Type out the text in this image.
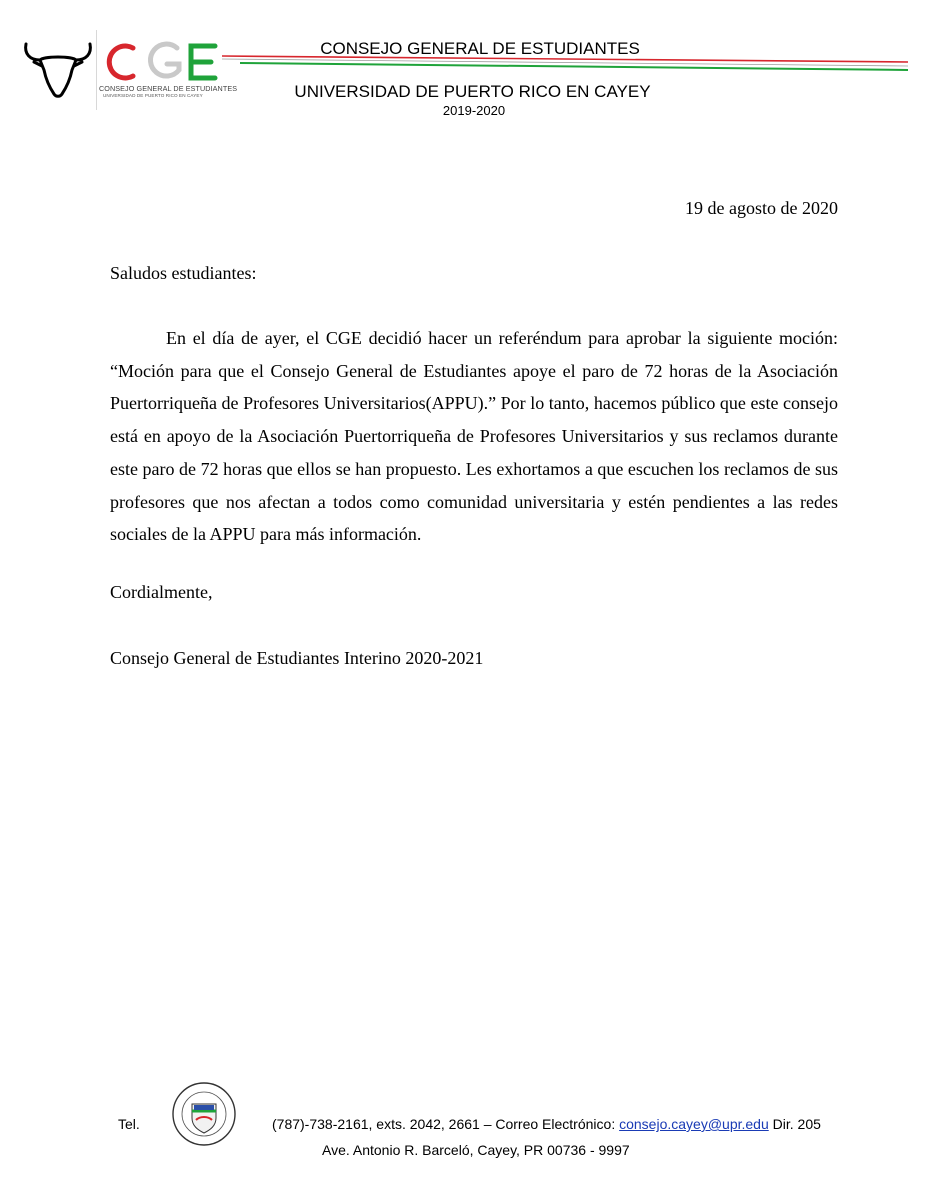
CONSEJO GENERAL DE ESTUDIANTES
UNIVERSIDAD DE PUERTO RICO EN CAYEY
CONSEJO GENERAL DE ESTUDIANTES
UNIVERSIDAD DE PUERTO RICO EN CAYEY
2019-2020
19 de agosto de 2020
Saludos estudiantes:

En el día de ayer, el CGE decidió hacer un referéndum para aprobar la siguiente moción: “Moción para que el Consejo General de Estudiantes apoye el paro de 72 horas de la Asociación Puertorriqueña de Profesores Universitarios(APPU).” Por lo tanto, hacemos público que este consejo está en apoyo de la Asociación Puertorriqueña de Profesores Universitarios y sus reclamos durante este paro de 72 horas que ellos se han propuesto. Les exhortamos a que escuchen los reclamos de sus profesores que nos afectan a todos como comunidad universitaria y estén pendientes a las redes sociales de la APPU para más información.

Cordialmente,
Consejo General de Estudiantes Interino 2020-2021
Tel.	(787)-738-2161, exts. 2042, 2661 – Correo Electrónico: consejo.cayey@upr.edu Dir. 205
Ave. Antonio R. Barceló, Cayey, PR 00736 - 9997
